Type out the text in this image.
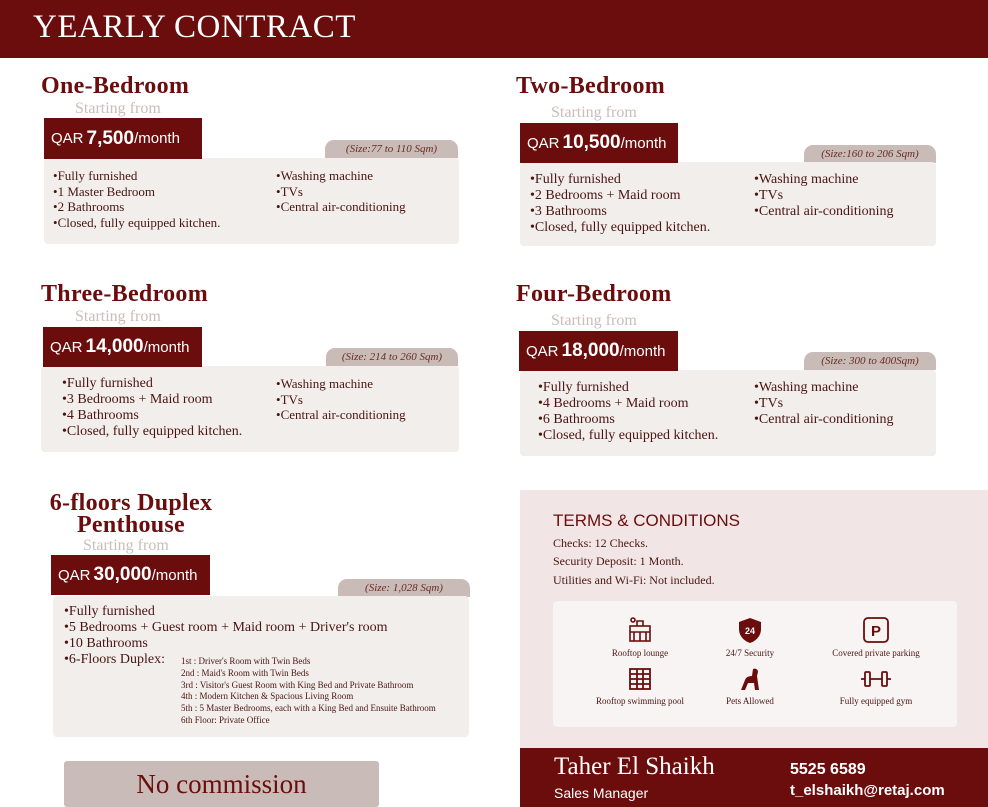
YEARLY CONTRACT
One-Bedroom
Starting from
(Size:77 to 110 Sqm)
QAR 7,500 /month
• Fully furnished
• 1 Master Bedroom
• 2 Bathrooms
• Closed, fully equipped kitchen.
• Washing machine
• TVs
• Central air-conditioning
Two-Bedroom
Starting from
(Size:160 to 206 Sqm)
QAR 10,500 /month
• Fully furnished
• 2 Bedrooms + Maid room
• 3 Bathrooms
• Closed, fully equipped kitchen.
• Washing machine
• TVs
• Central air-conditioning
Three-Bedroom
Starting from
(Size: 214 to 260 Sqm)
QAR 14,000 /month
• Fully furnished
• 3 Bedrooms + Maid room
• 4 Bathrooms
• Closed, fully equipped kitchen.
• Washing machine
• TVs
• Central air-conditioning
Four-Bedroom
Starting from
(Size: 300 to 400Sqm)
QAR 18,000 /month
• Fully furnished
• 4 Bedrooms + Maid room
• 6 Bathrooms
• Closed, fully equipped kitchen.
• Washing machine
• TVs
• Central air-conditioning
6-floors Duplex
Penthouse
Starting from
(Size: 1,028 Sqm)
QAR 30,000 /month
• Fully furnished
• 5 Bedrooms + Guest room + Maid room + Driver's room
• 10 Bathrooms
• 6-Floors Duplex:	1st : Driver's Room with Twin Beds
2nd : Maid's Room with Twin Beds
3rd : Visitor's Guest Room with King Bed and Private Bathroom
4th : Modern Kitchen & Spacious Living Room
5th : 5 Master Bedrooms, each with a King Bed and Ensuite Bathroom
6th Floor: Private Office
No commission
TERMS & CONDITIONS
Checks: 12 Checks.
Security Deposit: 1 Month.
Utilities and Wi-Fi: Not included.
Rooftop lounge
24
24/7 Security
P
Covered private parking
Rooftop swimming pool	Pets Allowed	Fully equipped gym
Taher El Shaikh
Sales Manager
5525 6589
t_elshaikh@retaj.com
